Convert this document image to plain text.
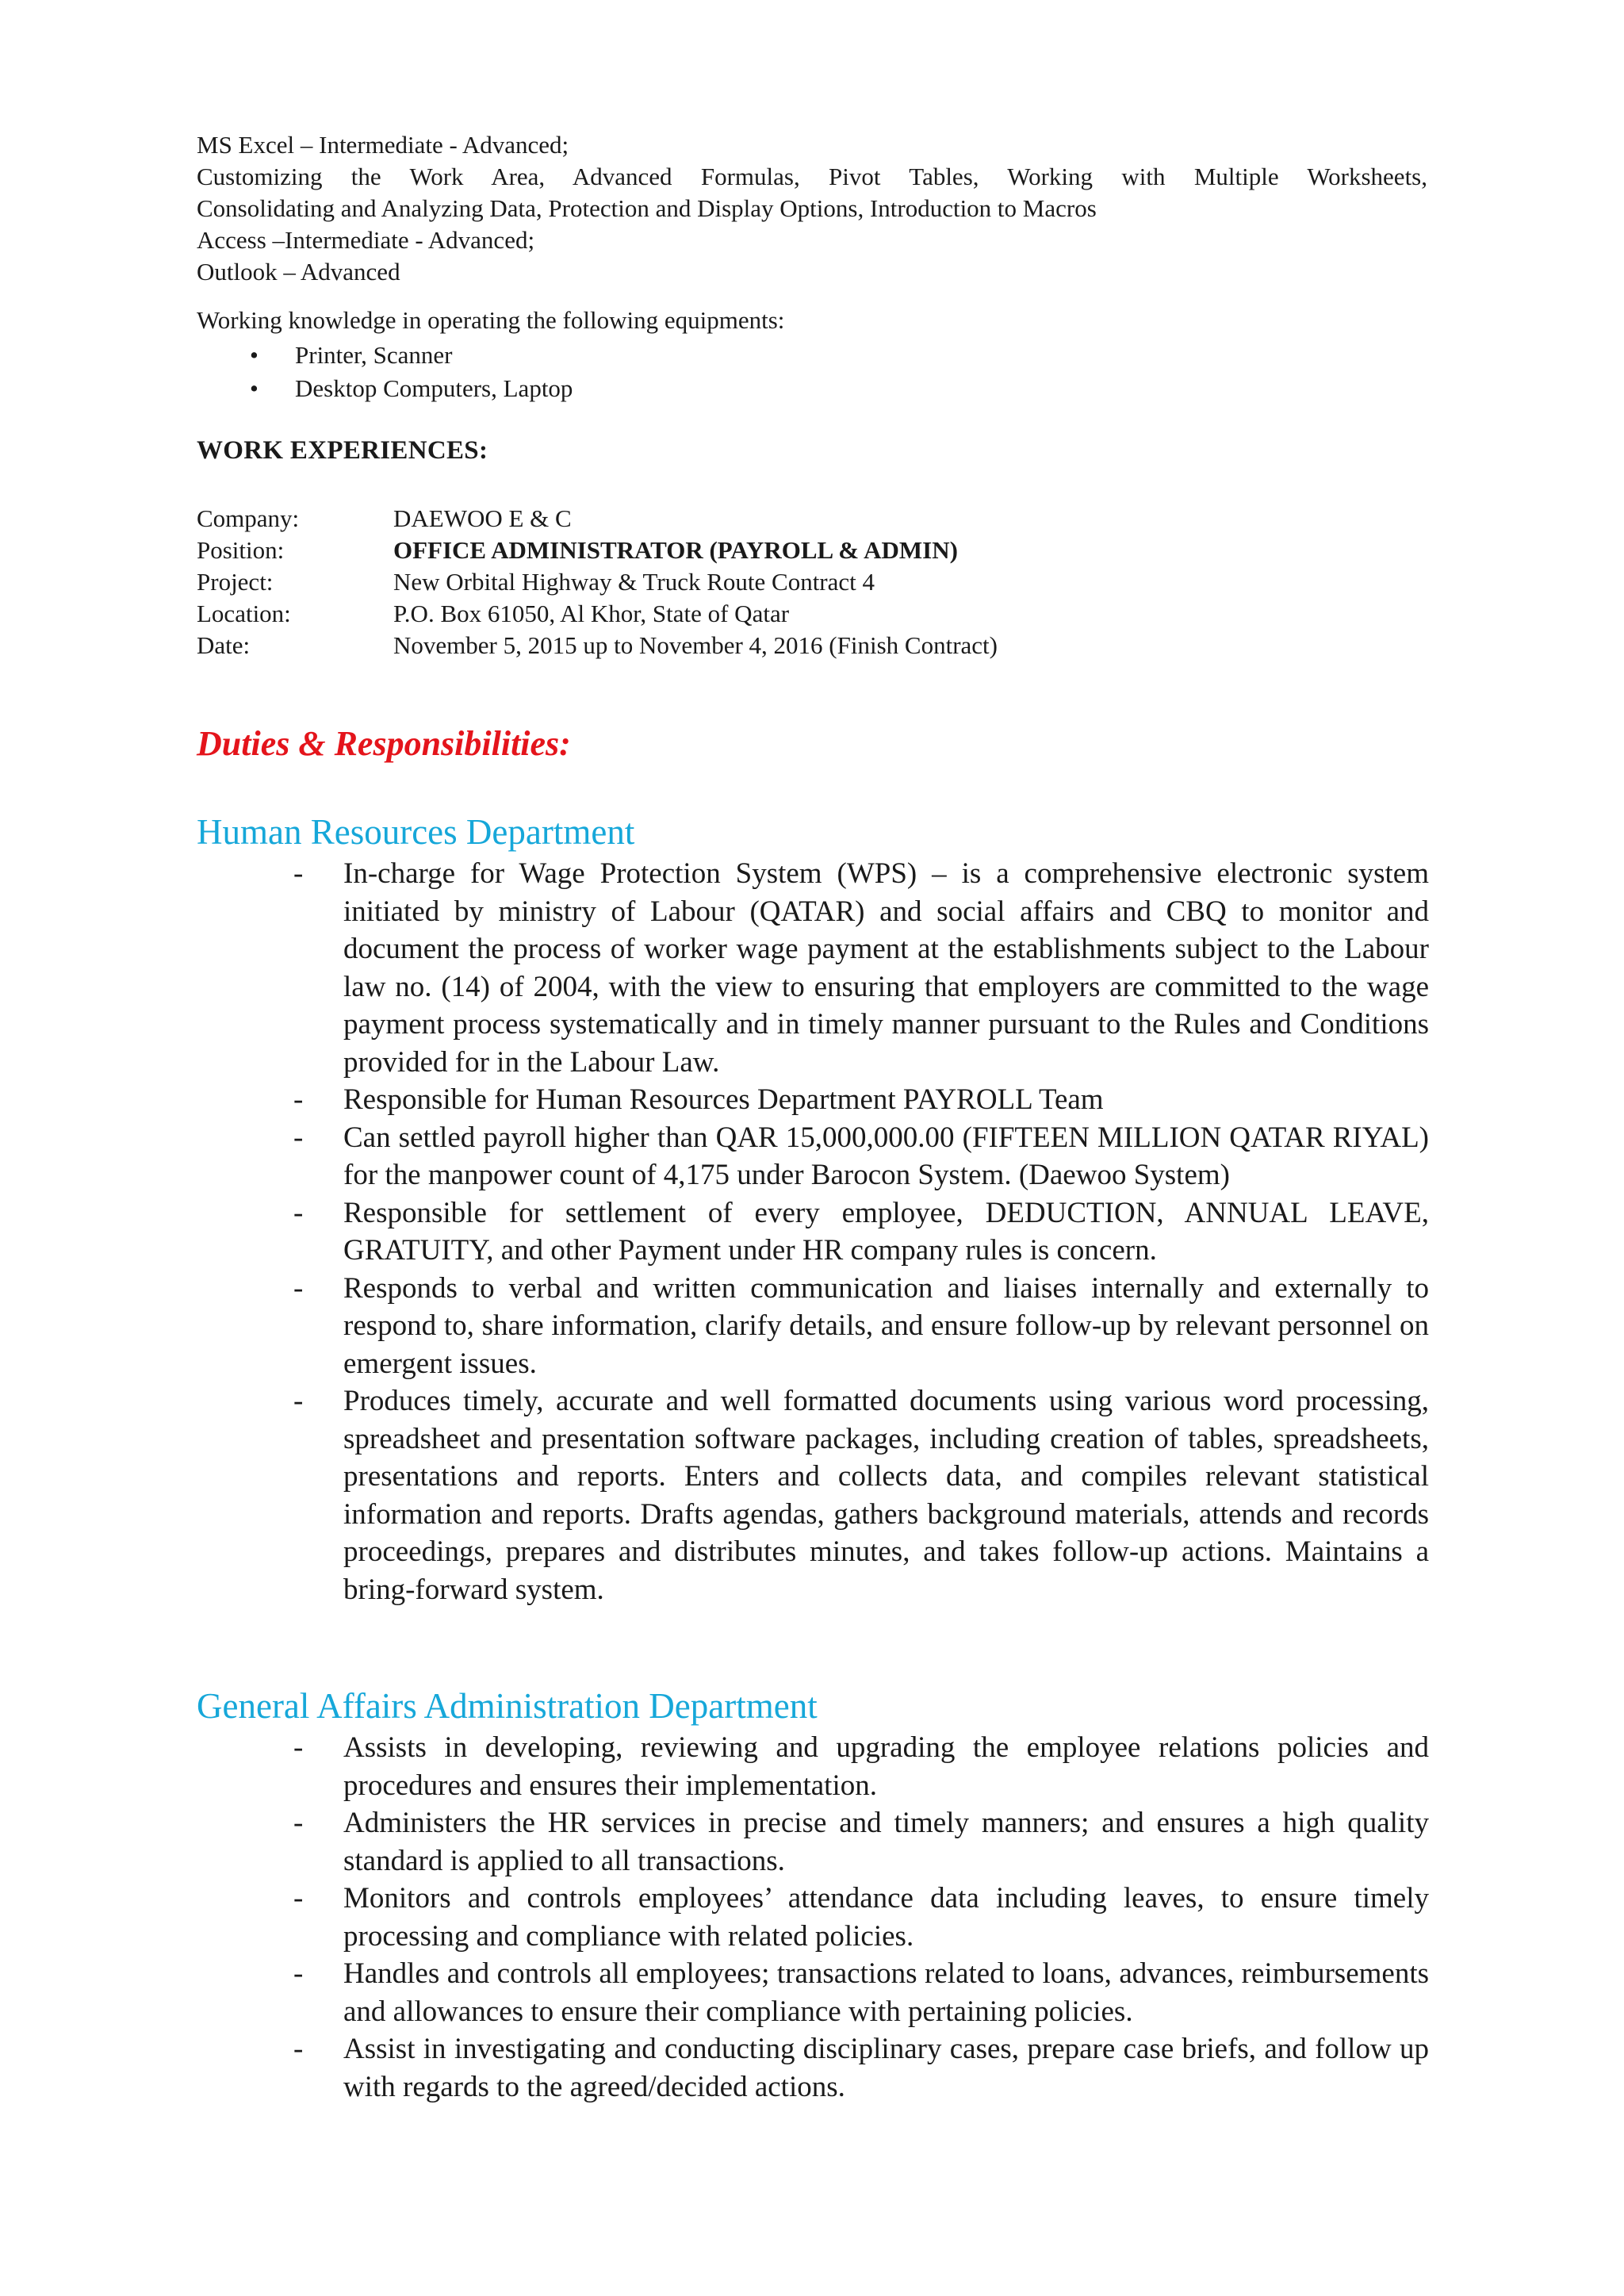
MS Excel – Intermediate - Advanced;
Customizing the Work Area, Advanced Formulas, Pivot Tables, Working with Multiple Worksheets,
Consolidating and Analyzing Data, Protection and Display Options, Introduction to Macros
Access –Intermediate - Advanced;
Outlook – Advanced
Working knowledge in operating the following equipments:
• Printer, Scanner
• Desktop Computers, Laptop
WORK EXPERIENCES:
Company:	DAEWOO E & C
Position:	OFFICE ADMINISTRATOR (PAYROLL & ADMIN)
Project:	New Orbital Highway & Truck Route Contract 4
Location:	P.O. Box 61050, Al Khor, State of Qatar
Date:	November 5, 2015 up to November 4, 2016 (Finish Contract)
Duties & Responsibilities:
Human Resources Department
- In-charge for Wage Protection System (WPS) – is a comprehensive electronic system initiated by ministry of Labour (QATAR) and social affairs and CBQ to monitor and document the process of worker wage payment at the establishments subject to the Labour law no. (14) of 2004, with the view to ensuring that employers are committed to the wage payment process systematically and in timely manner pursuant to the Rules and Conditions provided for in the Labour Law.
- Responsible for Human Resources Department PAYROLL Team
- Can settled payroll higher than QAR 15,000,000.00 (FIFTEEN MILLION QATAR RIYAL) for the manpower count of 4,175 under Barocon System. (Daewoo System)
- Responsible for settlement of every employee, DEDUCTION, ANNUAL LEAVE, GRATUITY, and other Payment under HR company rules is concern.
- Responds to verbal and written communication and liaises internally and externally to respond to, share information, clarify details, and ensure follow-up by relevant personnel on emergent issues.
- Produces timely, accurate and well formatted documents using various word processing, spreadsheet and presentation software packages, including creation of tables, spreadsheets, presentations and reports. Enters and collects data, and compiles relevant statistical information and reports. Drafts agendas, gathers background materials, attends and records proceedings, prepares and distributes minutes, and takes follow-up actions. Maintains a bring-forward system.
General Affairs Administration Department
- Assists in developing, reviewing and upgrading the employee relations policies and procedures and ensures their implementation.
- Administers the HR services in precise and timely manners; and ensures a high quality standard is applied to all transactions.
- Monitors and controls employees’ attendance data including leaves, to ensure timely processing and compliance with related policies.
- Handles and controls all employees; transactions related to loans, advances, reimbursements and allowances to ensure their compliance with pertaining policies.
- Assist in investigating and conducting disciplinary cases, prepare case briefs, and follow up with regards to the agreed/decided actions.
